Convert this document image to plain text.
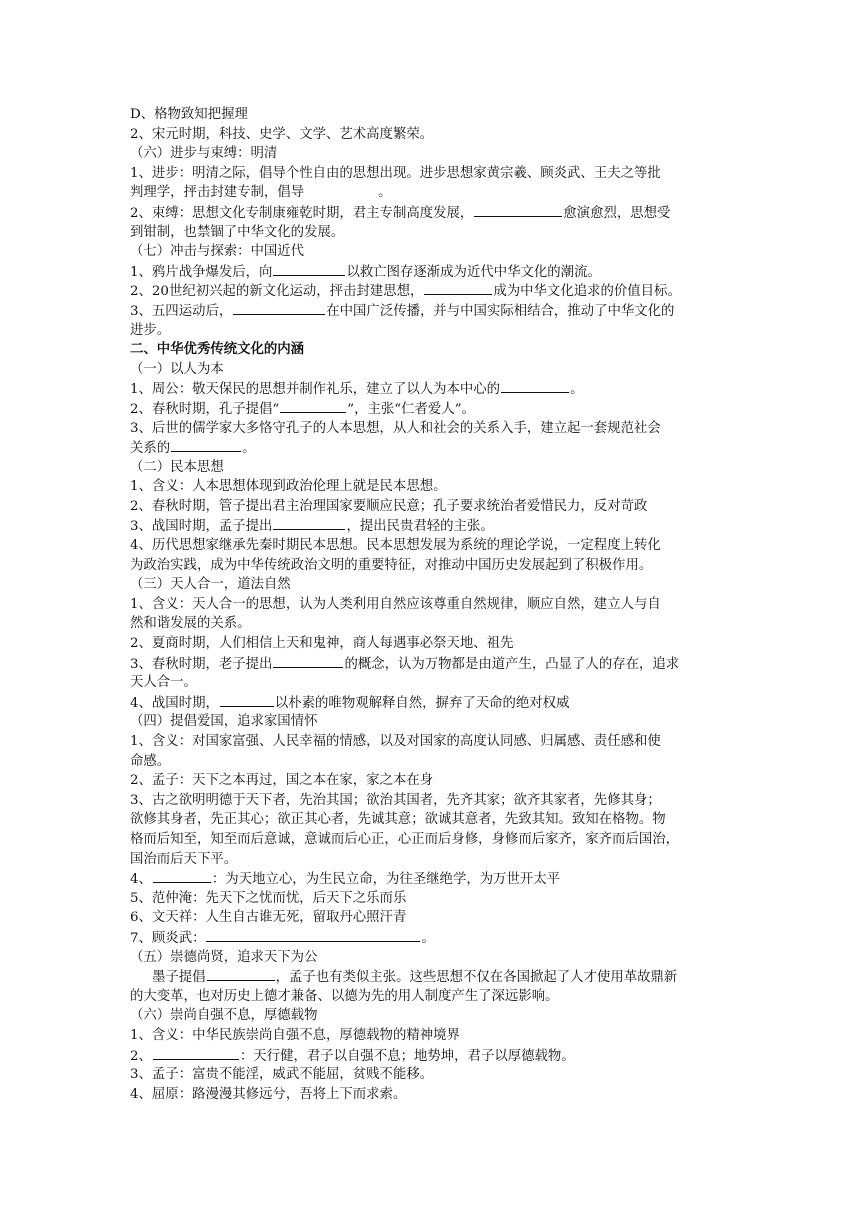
D、格物致知把握理
2、宋元时期，科技、史学、文学、艺术高度繁荣。
（六）进步与束缚：明清
1、进步：明清之际，倡导个性自由的思想出现。进步思想家黄宗羲、顾炎武、王夫之等批
判理学，抨击封建专制，倡导	。
2、束缚：思想文化专制康雍乾时期，君主专制高度发展，	愈演愈烈，思想受
到钳制，也禁锢了中华文化的发展。
（七）冲击与探索：中国近代
1、鸦片战争爆发后，向	以救亡图存逐渐成为近代中华文化的潮流。
2、20世纪初兴起的新文化运动，抨击封建思想，	成为中华文化追求的价值目标。
3、五四运动后，	在中国广泛传播，并与中国实际相结合，推动了中华文化的
进步。
二、中华优秀传统文化的内涵
（一）以人为本
1、周公：敬天保民的思想并制作礼乐，建立了以人为本中心的	。
2、春秋时期，孔子提倡“	”，主张“仁者爱人”。
3、后世的儒学家大多恪守孔子的人本思想，从人和社会的关系入手，建立起一套规范社会
关系的	。
（二）民本思想
1、含义：人本思想体现到政治伦理上就是民本思想。
2、春秋时期，管子提出君主治理国家要顺应民意；孔子要求统治者爱惜民力，反对苛政
3、战国时期，孟子提出	，提出民贵君轻的主张。
4、历代思想家继承先秦时期民本思想。民本思想发展为系统的理论学说，一定程度上转化
为政治实践，成为中华传统政治文明的重要特征，对推动中国历史发展起到了积极作用。
（三）天人合一，道法自然
1、含义：天人合一的思想，认为人类利用自然应该尊重自然规律，顺应自然，建立人与自
然和谐发展的关系。
2、夏商时期，人们相信上天和鬼神，商人每遇事必祭天地、祖先
3、春秋时期，老子提出	的概念，认为万物都是由道产生，凸显了人的存在，追求
天人合一。
4、战国时期，	以朴素的唯物观解释自然，摒弃了天命的绝对权威
（四）提倡爱国，追求家国情怀
1、含义：对国家富强、人民幸福的情感，以及对国家的高度认同感、归属感、责任感和使
命感。
2、孟子：天下之本再过，国之本在家，家之本在身
3、古之欲明明德于天下者，先治其国；欲治其国者，先齐其家；欲齐其家者，先修其身；
欲修其身者，先正其心；欲正其心者，先诚其意；欲诚其意者，先致其知。致知在格物。物
格而后知至，知至而后意诚，意诚而后心正，心正而后身修，身修而后家齐，家齐而后国治，
国治而后天下平。
4、	：为天地立心，为生民立命，为往圣继绝学，为万世开太平
5、范仲淹：先天下之忧而忧，后天下之乐而乐
6、文天祥：人生自古谁无死，留取丹心照汗青
7、顾炎武：	。
（五）崇德尚贤，追求天下为公
墨子提倡	，孟子也有类似主张。这些思想不仅在各国掀起了人才使用革故鼎新
的大变革，也对历史上德才兼备、以德为先的用人制度产生了深远影响。
（六）崇尚自强不息，厚德载物
1、含义：中华民族崇尚自强不息，厚德载物的精神境界
2、	：天行健，君子以自强不息；地势坤，君子以厚德载物。
3、孟子：富贵不能淫，威武不能屈，贫贱不能移。
4、屈原：路漫漫其修远兮，吾将上下而求索。
